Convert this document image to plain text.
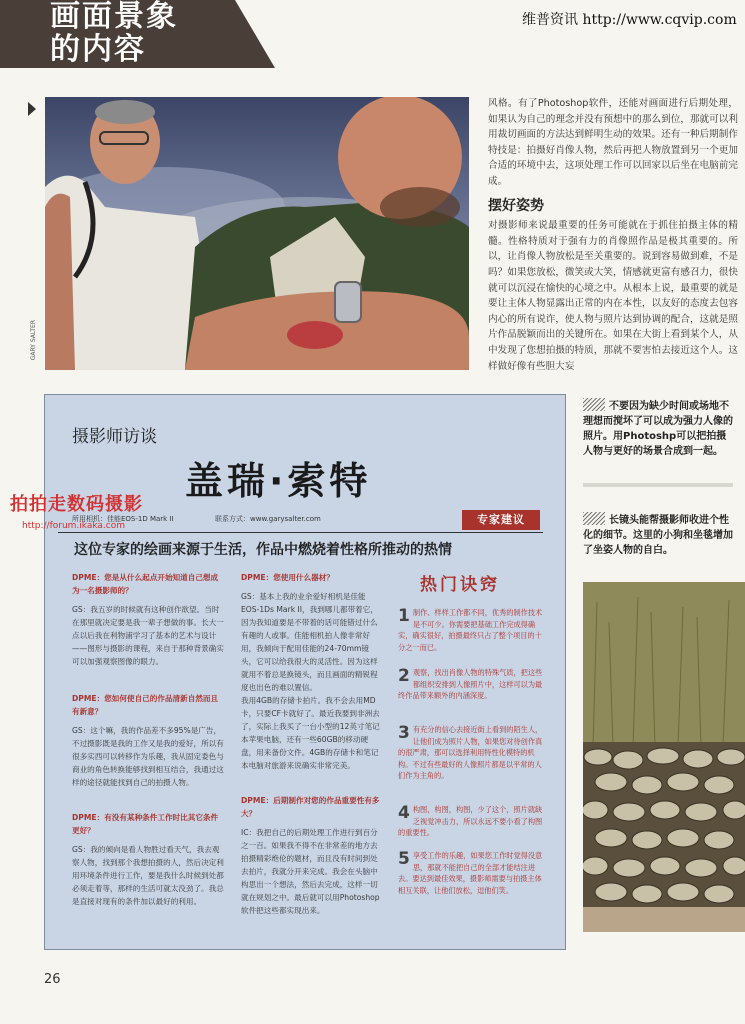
画面景象
的内容
维普资讯 http://www.cqvip.com
GARY SALTER

风格。有了Photoshop软件，还能对画面进行后期处理，如果认为自己的理念并没有预想中的那么到位，那就可以利用裁切画面的方法达到鲜明生动的效果。还有一种后期制作特技是：拍摄好肖像人物，然后再把人物放置到另一个更加合适的环境中去，这项处理工作可以回家以后坐在电脑前完成。

摆好姿势

对摄影师来说最重要的任务可能就在于抓住拍摄主体的精髓。性格特质对于强有力的肖像照作品是极其重要的。所以，让肖像人物放松是至关重要的。说到容易做到难，不是吗？如果您放松，微笑或大笑，情感就更富有感召力，很快就可以沉浸在愉快的心境之中。从根本上说，最重要的就是要让主体人物显露出正常的内在本性，以友好的态度去包容内心的所有说诈，使人物与照片达到协调的配合，这就是照片作品脱颖而出的关键所在。如果在大街上看到某个人，从中发现了您想拍摄的特质，那就不要害怕去接近这个人。这样做好像有些胆大妄

摄影师访谈
盖瑞·索特
所用相机：佳能EOS-1D Mark II	联系方式：www.garysalter.com	专家建议
这位专家的绘画来源于生活，作品中燃烧着性格所推动的热情
DPME：您是从什么起点开始知道自己想成为一名摄影师的？
GS：我五岁的时候就有这种创作欲望。当时在那里就决定要是我一辈子想做的事。长大一点以后我在利物浦学习了基本的艺术与设计——图形与摄影的课程，来自于那种背景确实可以加强观察图像的眼力。
DPME：您如何使自己的作品清新自然而且有新意？
GS：这个嘛，我的作品差不多95%是广告，不过摄影既是我的工作又是我的爱好，所以有很多实西可以转移作为乐趣，我从固定委色与商业的角色转换能够找到相互结合，我通过这样的途径就能找到自己的拍摄人物。
DPME：有没有某种条件工作时比其它条件更好？
GS：我的倾向是看人物胜过看天气，我去观察人物，找到那个我想拍摄的人，然后决定利用环境条件进行工作，要是我什么时候到处都必须走着等，那样的生活可就太没劲了。我总是直接对现有的条件加以最好的利用。
DPME：您使用什么器材？
GS：基本上我的业余爱好相机是佳能EOS-1Ds Mark II，我到哪儿都带着它，因为我知道要是不带着的话可能错过什么有趣的人或事。佳能相机拍人像非常好用，我倾向于配用佳能的24-70mm镜头，它可以给我很大的灵活性。因为这样就用不着总是换镜头，而且画面的精锐程度也出色的难以置信。
我用4GB的存储卡拍片。我不会去用MD卡，只要CF卡就好了。最近我要到非洲去了，实际上我买了一台小型的12英寸笔记本苹果电脑，还有一些60GB的移动硬盘，用来备份文件。4GB的存储卡和笔记本电脑对旅游来说确实非常完美。
DPME：后期制作对您的作品重要性有多大？
IC：我把自己的后期处理工作进行到百分之一百。如果我不得不在非常差的地方去拍摄精彩绝伦的题材，而且没有时间到处去拍片，我就分开来完成。我会在头脑中构思出一个想法，然后去完成，这样一切就在规划之中。最后就可以用Photoshop软件把这些都实现出来。
热门诀窍
1 制作、样样工作都不同，优秀的制作技术是不可少。你需要把基础工作完成得确实，确实很好，拍摄最终只占了整个项目的十分之一而已。
2 观察，找出肖像人物的特殊气质，把这些都组织安排到人像照片中，这样可以为最终作品带来额外的内涵深度。
3 有充分的信心去接近街上看到的陌生人，让他们成为照片人物，如果您对待创作真的很严肃，那可以选择利用特性化模特的机构。不过有些最好的人像照片都是以平常的人们作为主角的。
4 构图，构图，构图，少了这个，照片就缺乏视觉冲击力，所以永远不要小看了构图的重要性。
5 享受工作的乐趣，如果您工作时觉得没意思，那就不能把自己的全部才能结注进去。要达到最佳效果，摄影师需要与拍摄主体相互关联，让他们放松，逗他们笑。
拍拍走数码摄影
http://forum.ikaka.com
不要因为缺少时间或场地不理想而搅坏了可以成为强力人像的照片。用Photoshp可以把拍摄人物与更好的场景合成到一起。
长镜头能帮摄影师收进个性化的细节。这里的小狗和坐毯增加了坐姿人物的自白。
26
